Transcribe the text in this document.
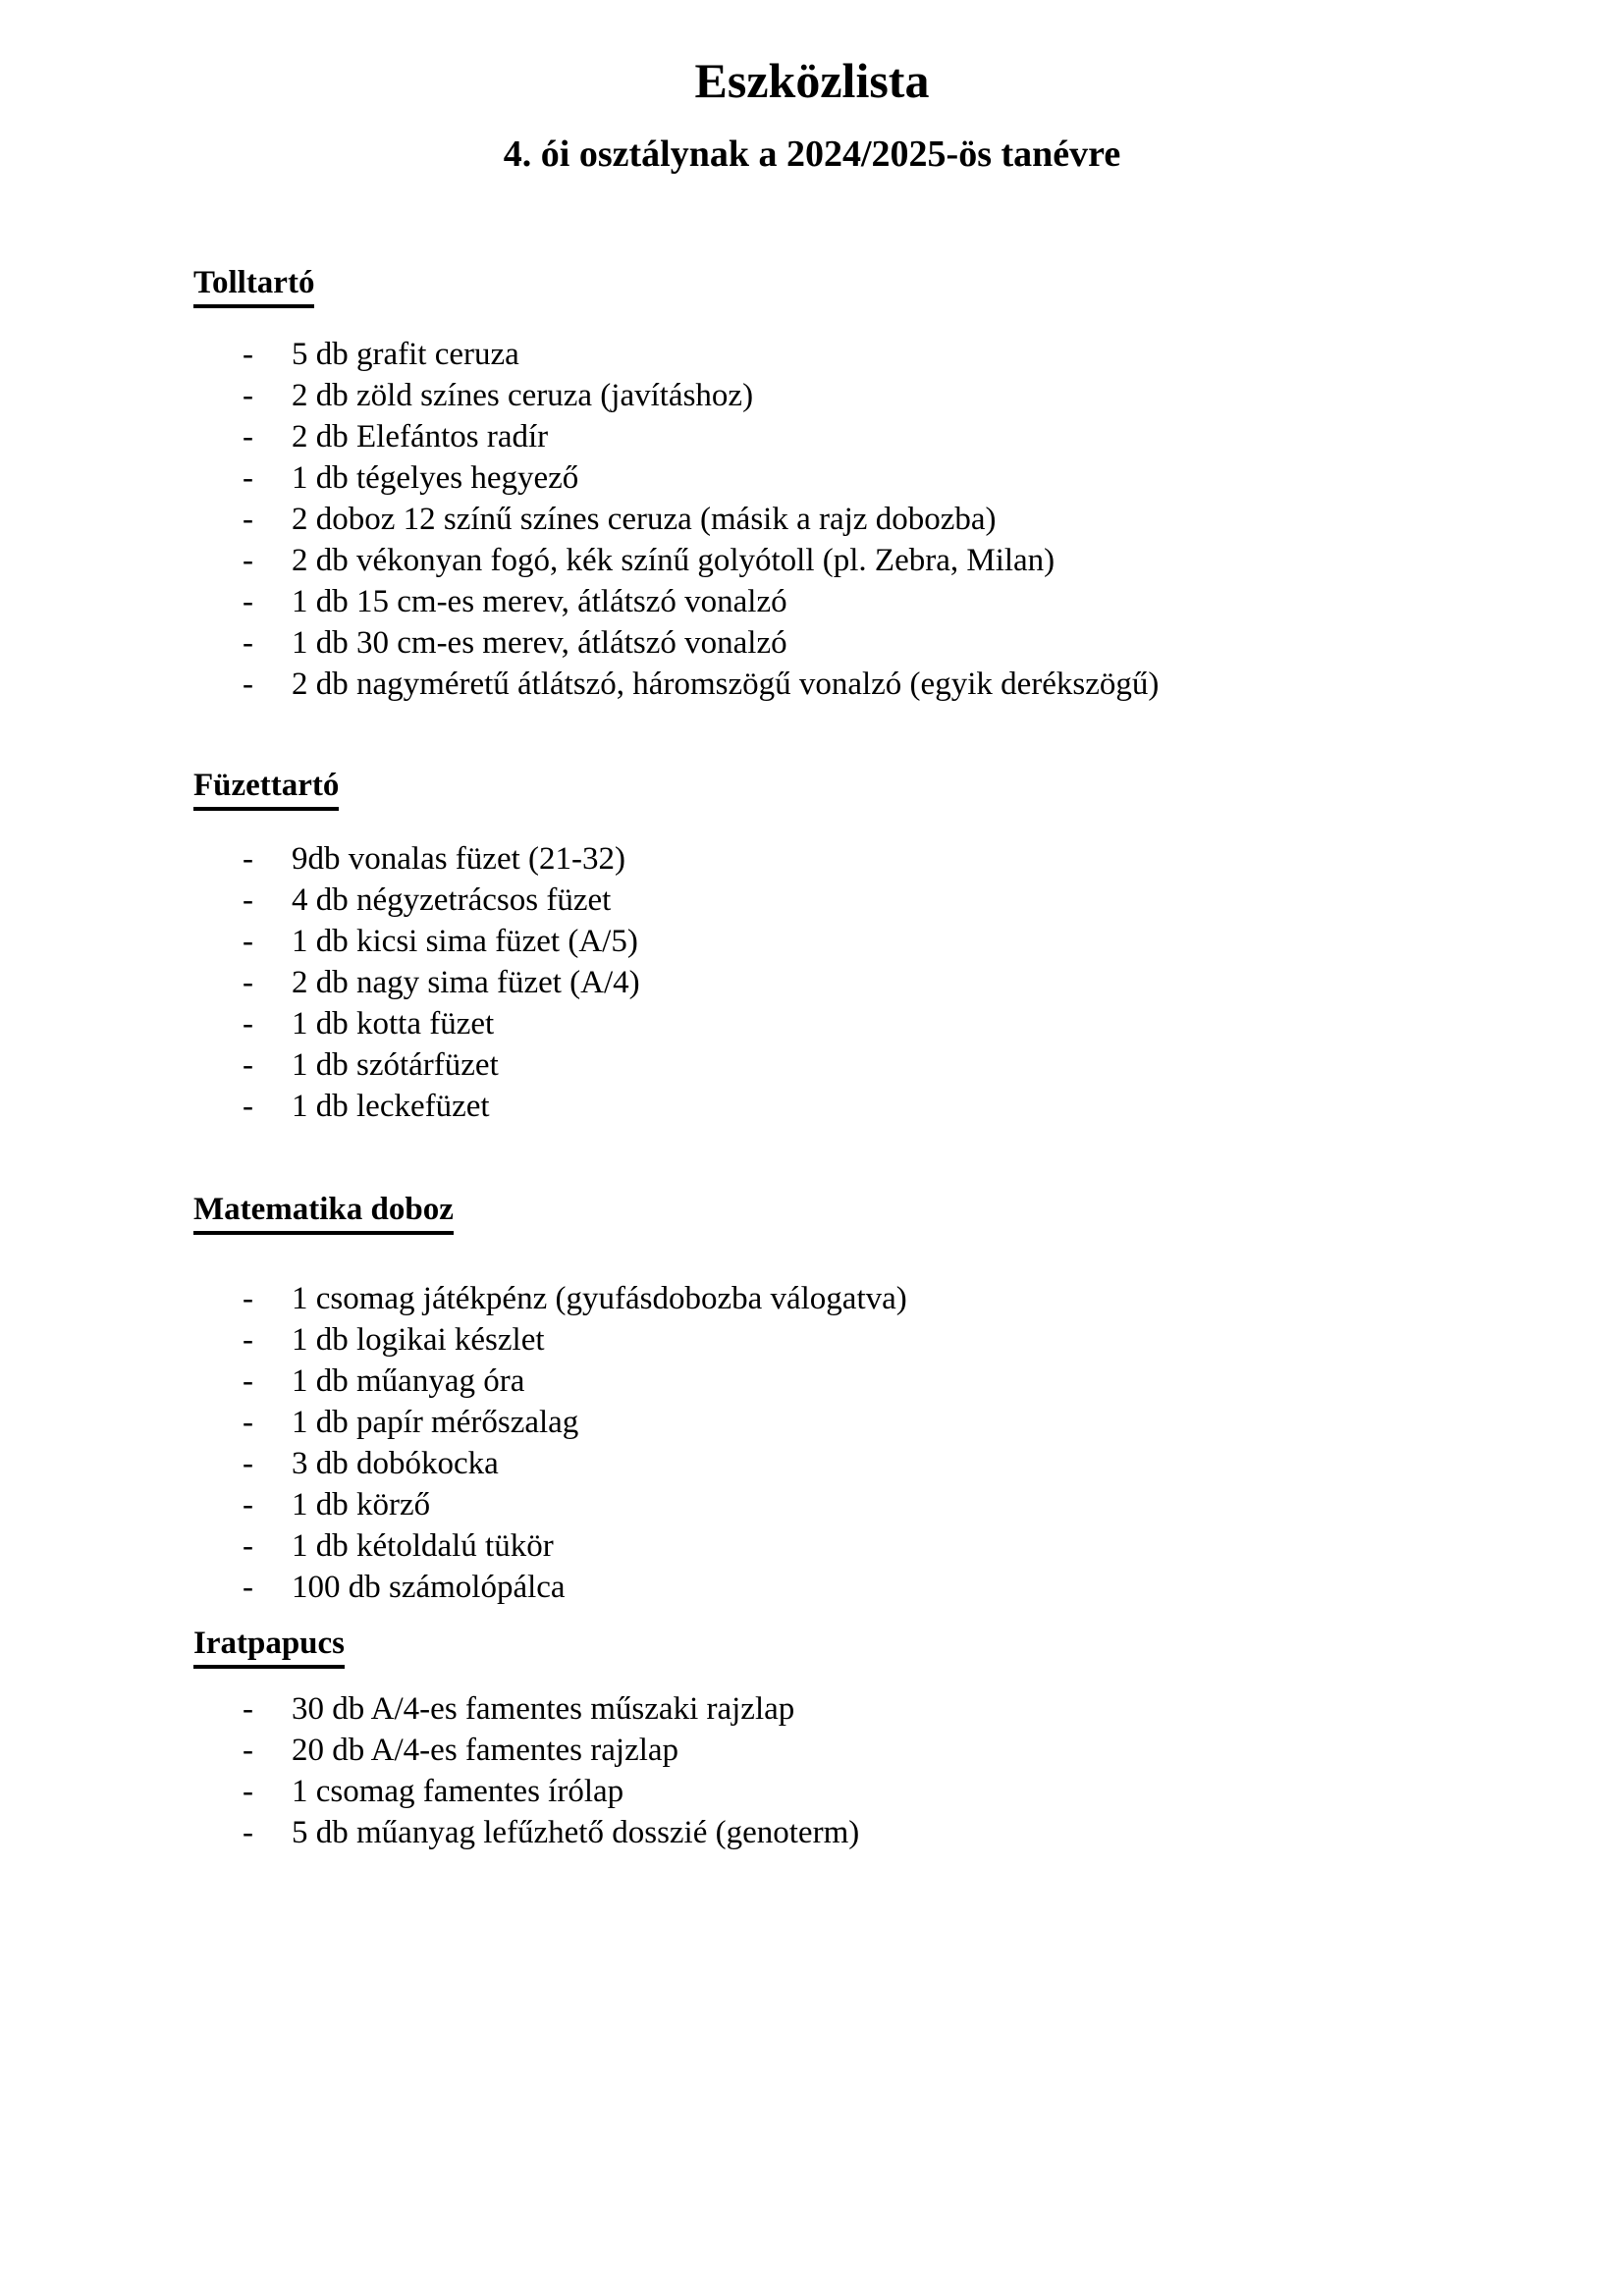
Eszközlista
4. ói osztálynak a 2024/2025-ös tanévre
Tolltartó
- 5 db grafit ceruza
- 2 db zöld színes ceruza (javításhoz)
- 2 db Elefántos radír
- 1 db tégelyes hegyező
- 2 doboz 12 színű színes ceruza (másik a rajz dobozba)
- 2 db vékonyan fogó, kék színű golyótoll (pl. Zebra, Milan)
- 1 db 15 cm-es merev, átlátszó vonalzó
- 1 db 30 cm-es merev, átlátszó vonalzó
- 2 db nagyméretű átlátszó, háromszögű vonalzó (egyik derékszögű)
Füzettartó
- 9db vonalas füzet (21-32)
- 4 db négyzetrácsos füzet
- 1 db kicsi sima füzet (A/5)
- 2 db nagy sima füzet (A/4)
- 1 db kotta füzet
- 1 db szótárfüzet
- 1 db leckefüzet
Matematika doboz
- 1 csomag játékpénz (gyufásdobozba válogatva)
- 1 db logikai készlet
- 1 db műanyag óra
- 1 db papír mérőszalag
- 3 db dobókocka
- 1 db körző
- 1 db kétoldalú tükör
- 100 db számolópálca
Iratpapucs
- 30 db A/4-es famentes műszaki rajzlap
- 20 db A/4-es famentes rajzlap
- 1 csomag famentes írólap
- 5 db műanyag lefűzhető dosszié (genoterm)
